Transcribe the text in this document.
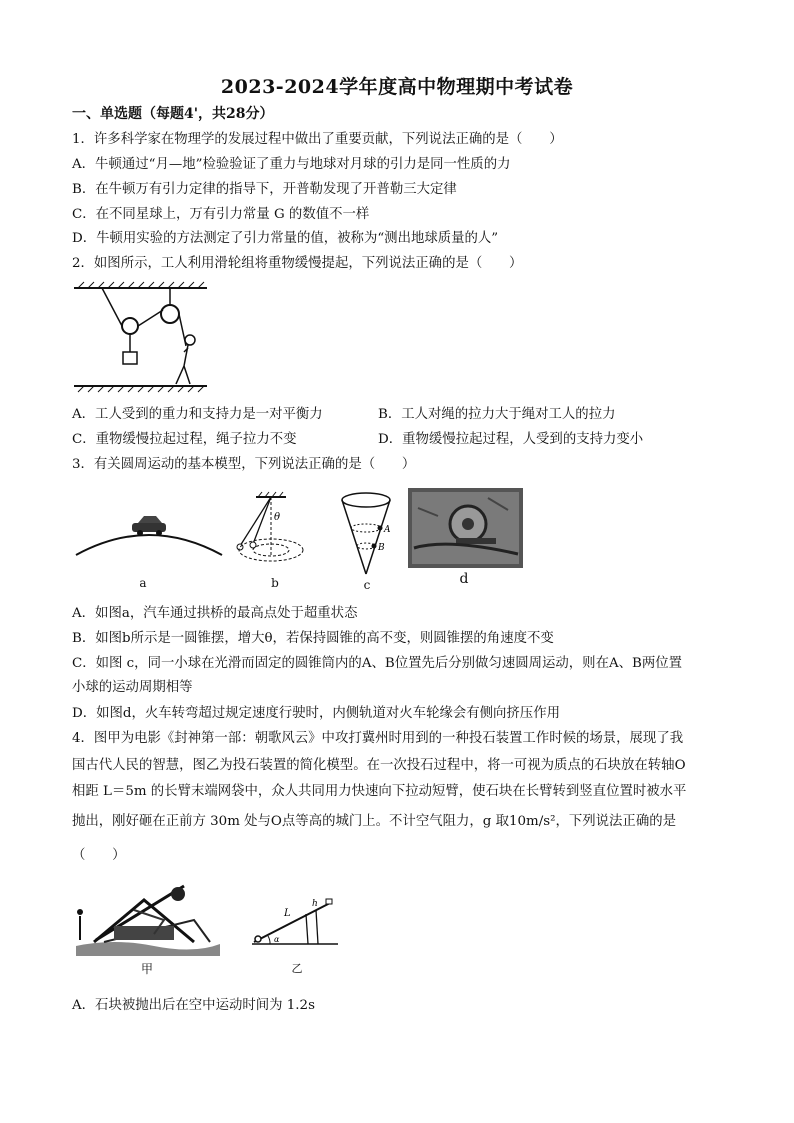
2023-2024学年度高中物理期中考试卷
一、单选题（每题4'，共28分）
1．许多科学家在物理学的发展过程中做出了重要贡献，下列说法正确的是（　　）
A．牛顿通过“月—地”检验验证了重力与地球对月球的引力是同一性质的力
B．在牛顿万有引力定律的指导下，开普勒发现了开普勒三大定律
C．在不同星球上，万有引力常量 G 的数值不一样
D．牛顿用实验的方法测定了引力常量的值，被称为“测出地球质量的人”
2．如图所示，工人利用滑轮组将重物缓慢提起，下列说法正确的是（　　）
A．工人受到的重力和支持力是一对平衡力	B．工人对绳的拉力大于绳对工人的拉力
C．重物缓慢拉起过程，绳子拉力不变	D．重物缓慢拉起过程，人受到的支持力变小
3．有关圆周运动的基本模型，下列说法正确的是（　　）
a
θ
b
A
B
c	d
A．如图a，汽车通过拱桥的最高点处于超重状态
B．如图b所示是一圆锥摆，增大θ，若保持圆锥的高不变，则圆锥摆的角速度不变
C．如图 c，同一小球在光滑而固定的圆锥筒内的A、B位置先后分别做匀速圆周运动，则在A、B两位置
小球的运动周期相等
D．如图d，火车转弯超过规定速度行驶时，内侧轨道对火车轮缘会有侧向挤压作用
4．图甲为电影《封神第一部：朝歌风云》中攻打冀州时用到的一种投石装置工作时候的场景，展现了我
国古代人民的智慧，图乙为投石装置的简化模型。在一次投石过程中，将一可视为质点的石块放在转轴O
相距 L＝5m 的长臂末端网袋中，众人共同用力快速向下拉动短臂，使石块在长臂转到竖直位置时被水平
抛出，刚好砸在正前方 30m 处与O点等高的城门上。不计空气阻力，g 取10m/s²，下列说法正确的是
（　　）
甲
L
h
α
乙
A．石块被抛出后在空中运动时间为 1.2s
